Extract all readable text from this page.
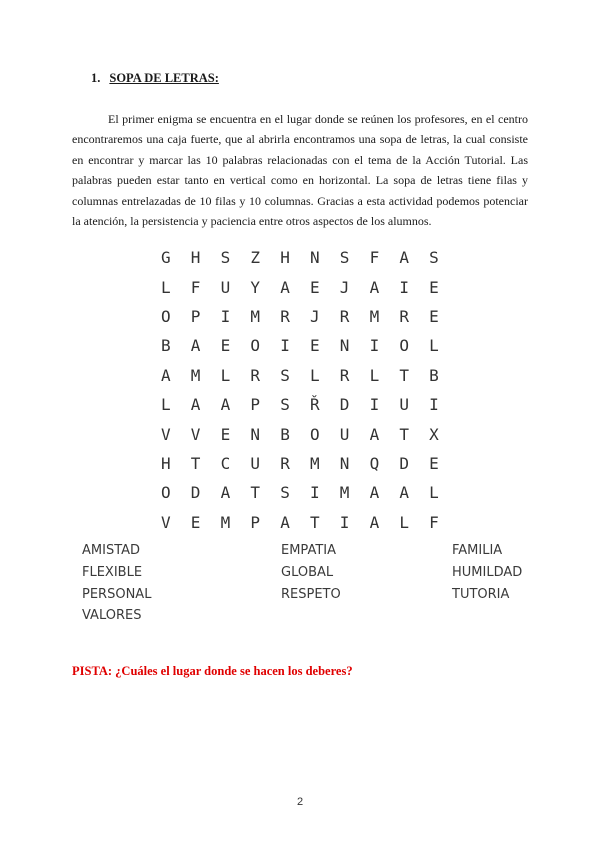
1. SOPA DE LETRAS:

El primer enigma se encuentra en el lugar donde se reúnen los profesores, en el centro encontraremos una caja fuerte, que al abrirla encontramos una sopa de letras, la cual consiste en encontrar y marcar las 10 palabras relacionadas con el tema de la Acción Tutorial. Las palabras pueden estar tanto en vertical como en horizontal. La sopa de letras tiene filas y columnas entrelazadas de 10 filas y 10 columnas. Gracias a esta actividad podemos potenciar la atención, la persistencia y paciencia entre otros aspectos de los alumnos.

G	H	S	Z	H	N	S	F	A	S
L	F	U	Y	A	E	J	A	I	E
O	P	I	M	R	J	R	M	R	E
B	A	E	O	I	E	N	I	O	L
A	M	L	R	S	L	R	L	T	B
L	A	A	P	S	Ř	D	I	U	I
V	V	E	N	B	O	U	A	T	X
H	T	C	U	R	M	N	Q	D	E
O	D	A	T	S	I	M	A	A	L
V	E	M	P	A	T	I	A	L	F
AMISTAD	EMPATIA	FAMILIA
FLEXIBLE	GLOBAL	HUMILDAD
PERSONAL	RESPETO	TUTORIA
VALORES

PISTA: ¿Cuáles el lugar donde se hacen los deberes?

2
